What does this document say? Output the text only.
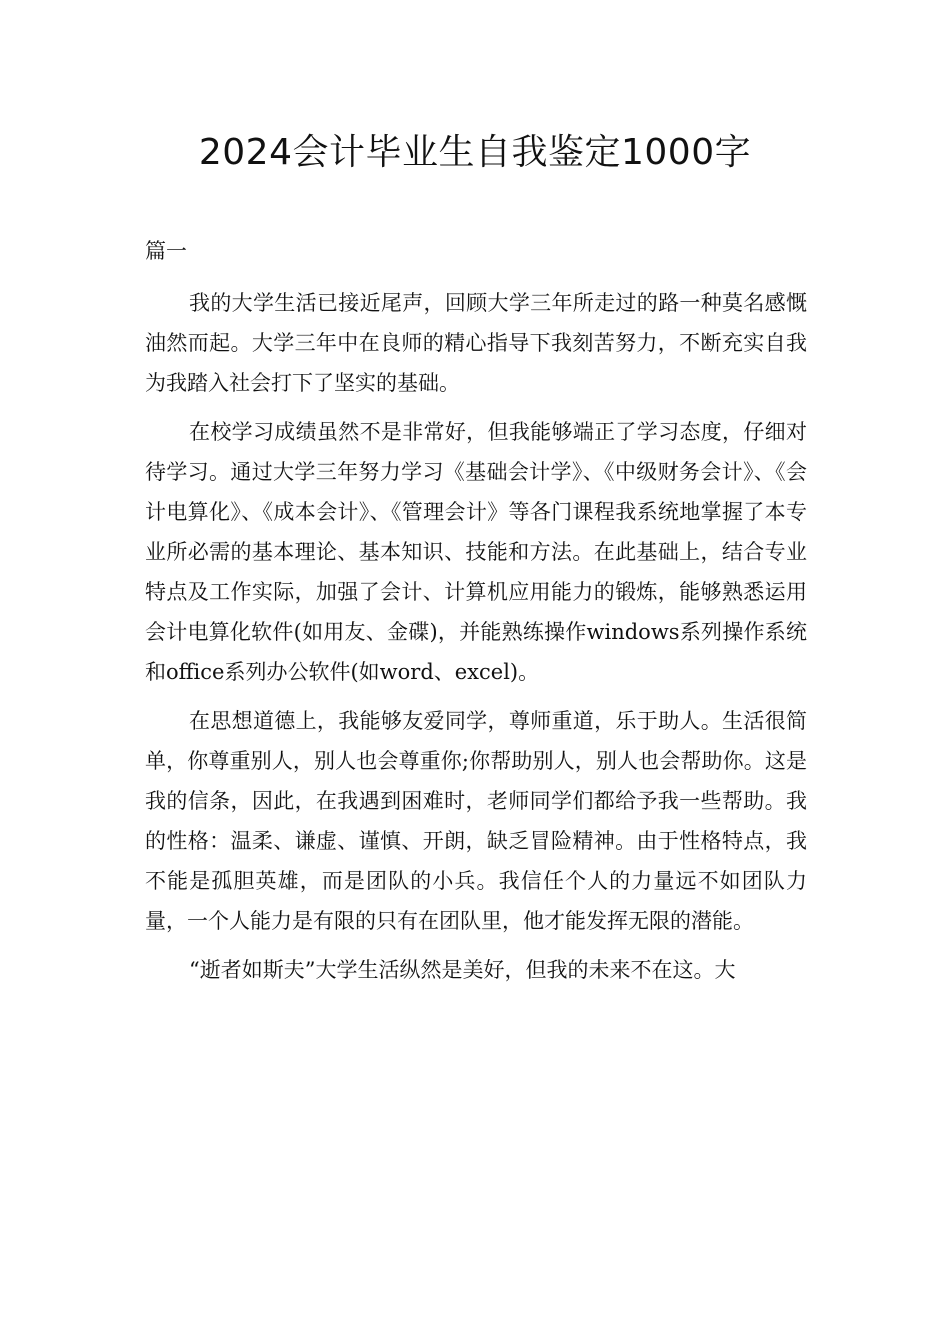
2024会计毕业生自我鉴定1000字

篇一

我的大学生活已接近尾声，回顾大学三年所走过的路一种莫名感慨油然而起。大学三年中在良师的精心指导下我刻苦努力，不断充实自我为我踏入社会打下了坚实的基础。

在校学习成绩虽然不是非常好，但我能够端正了学习态度，仔细对待学习。通过大学三年努力学习《基础会计学》、《中级财务会计》、《会计电算化》、《成本会计》、《管理会计》等各门课程我系统地掌握了本专业所必需的基本理论、基本知识、技能和方法。在此基础上，结合专业特点及工作实际，加强了会计、计算机应用能力的锻炼，能够熟悉运用会计电算化软件(如用友、金碟)，并能熟练操作windows系列操作系统和office系列办公软件(如word、excel)。

在思想道德上，我能够友爱同学，尊师重道，乐于助人。生活很简单，你尊重别人，别人也会尊重你;你帮助别人，别人也会帮助你。这是我的信条，因此，在我遇到困难时，老师同学们都给予我一些帮助。我的性格：温柔、谦虚、谨慎、开朗，缺乏冒险精神。由于性格特点，我不能是孤胆英雄，而是团队的小兵。我信任个人的力量远不如团队力量，一个人能力是有限的只有在团队里，他才能发挥无限的潜能。

“逝者如斯夫”大学生活纵然是美好，但我的未来不在这。大
